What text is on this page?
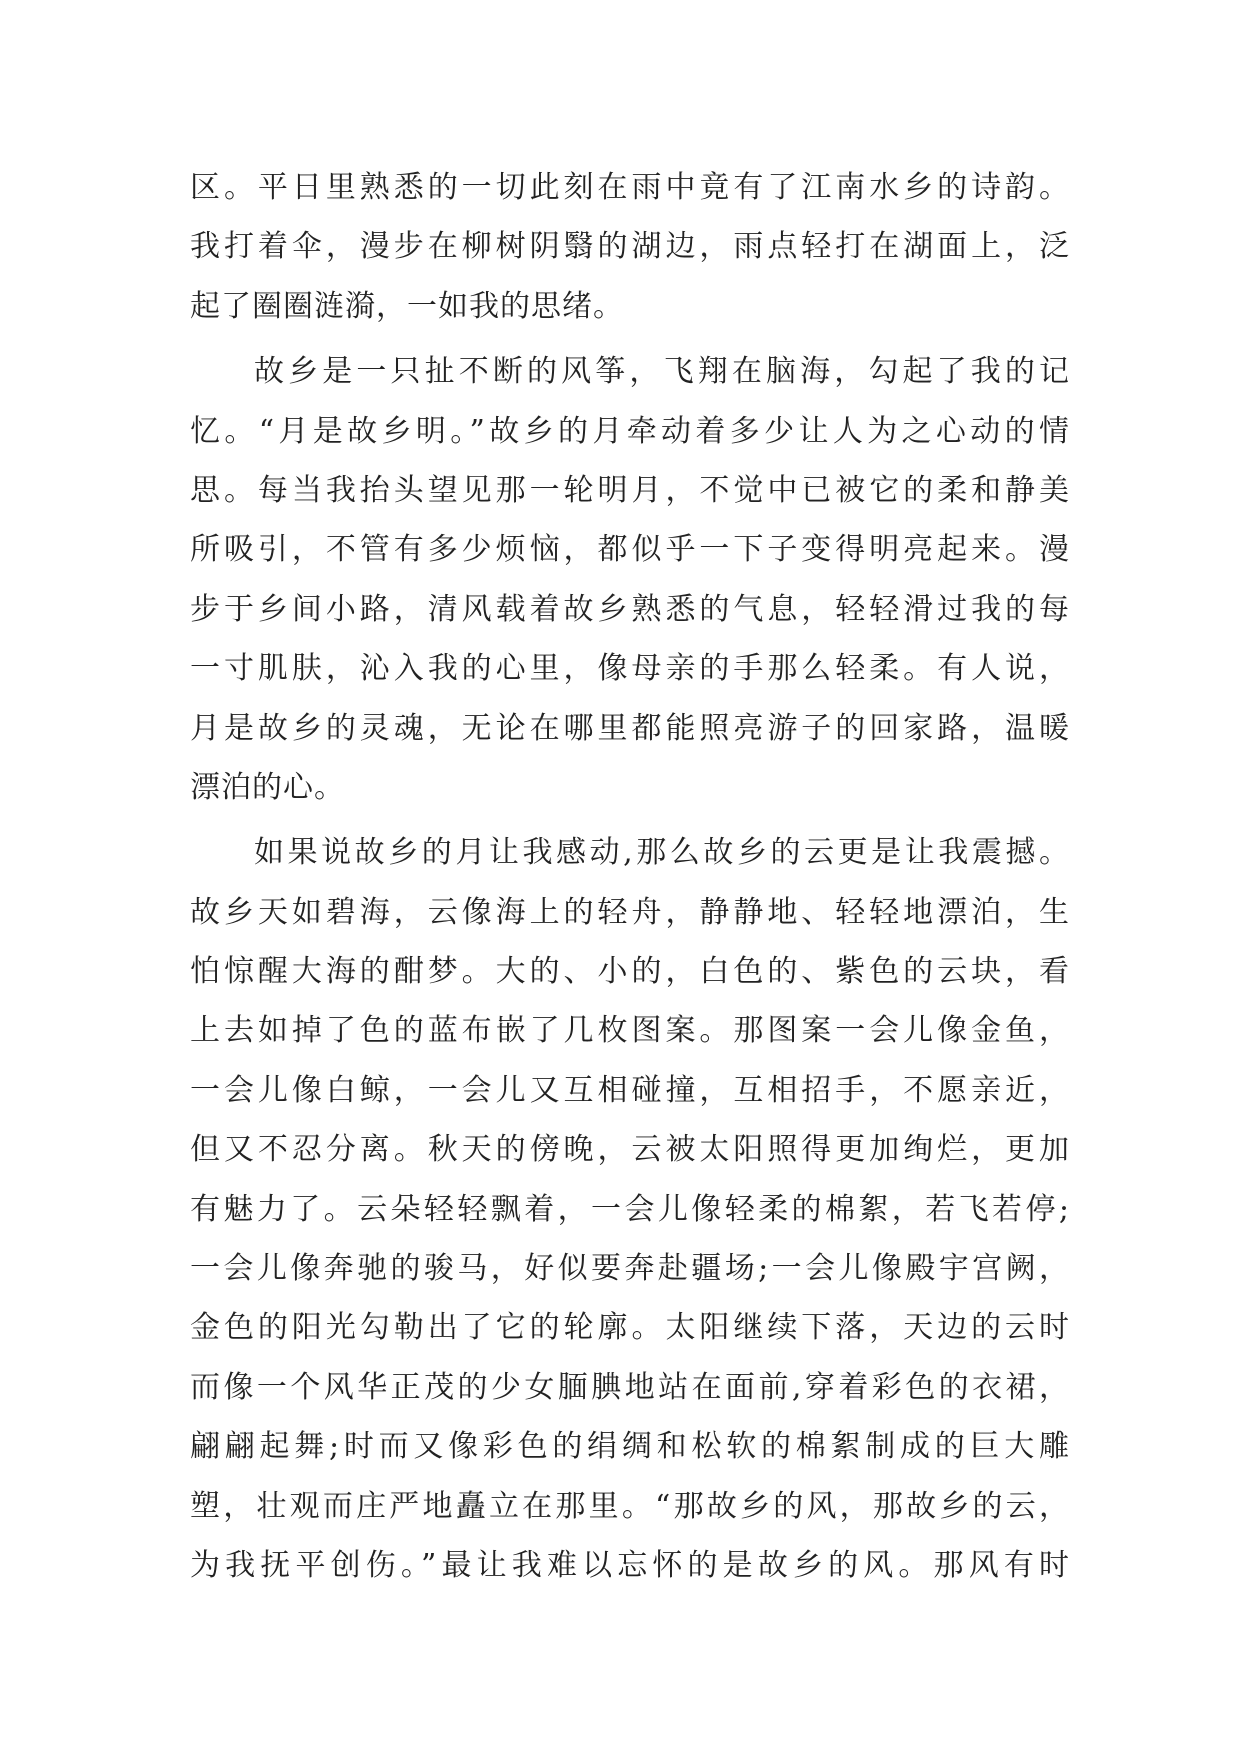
区。平日里熟悉的一切此刻在雨中竟有了江南水乡的诗韵。
我打着伞，漫步在柳树阴翳的湖边，雨点轻打在湖面上，泛
起了圈圈涟漪，一如我的思绪。
故乡是一只扯不断的风筝，飞翔在脑海，勾起了我的记
忆。“月是故乡明。”故乡的月牵动着多少让人为之心动的情
思。每当我抬头望见那一轮明月，不觉中已被它的柔和静美
所吸引，不管有多少烦恼，都似乎一下子变得明亮起来。漫
步于乡间小路，清风载着故乡熟悉的气息，轻轻滑过我的每
一寸肌肤，沁入我的心里，像母亲的手那么轻柔。有人说，
月是故乡的灵魂，无论在哪里都能照亮游子的回家路，温暖
漂泊的心。
如果说故乡的月让我感动,那么故乡的云更是让我震撼。
故乡天如碧海，云像海上的轻舟，静静地、轻轻地漂泊，生
怕惊醒大海的酣梦。大的、小的，白色的、紫色的云块，看
上去如掉了色的蓝布嵌了几枚图案。那图案一会儿像金鱼，
一会儿像白鲸，一会儿又互相碰撞，互相招手，不愿亲近，
但又不忍分离。秋天的傍晚，云被太阳照得更加绚烂，更加
有魅力了。云朵轻轻飘着，一会儿像轻柔的棉絮，若飞若停;
一会儿像奔驰的骏马，好似要奔赴疆场;一会儿像殿宇宫阙，
金色的阳光勾勒出了它的轮廓。太阳继续下落，天边的云时
而像一个风华正茂的少女腼腆地站在面前,穿着彩色的衣裙，
翩翩起舞;时而又像彩色的绢绸和松软的棉絮制成的巨大雕
塑，壮观而庄严地矗立在那里。“那故乡的风，那故乡的云，
为我抚平创伤。”最让我难以忘怀的是故乡的风。那风有时
